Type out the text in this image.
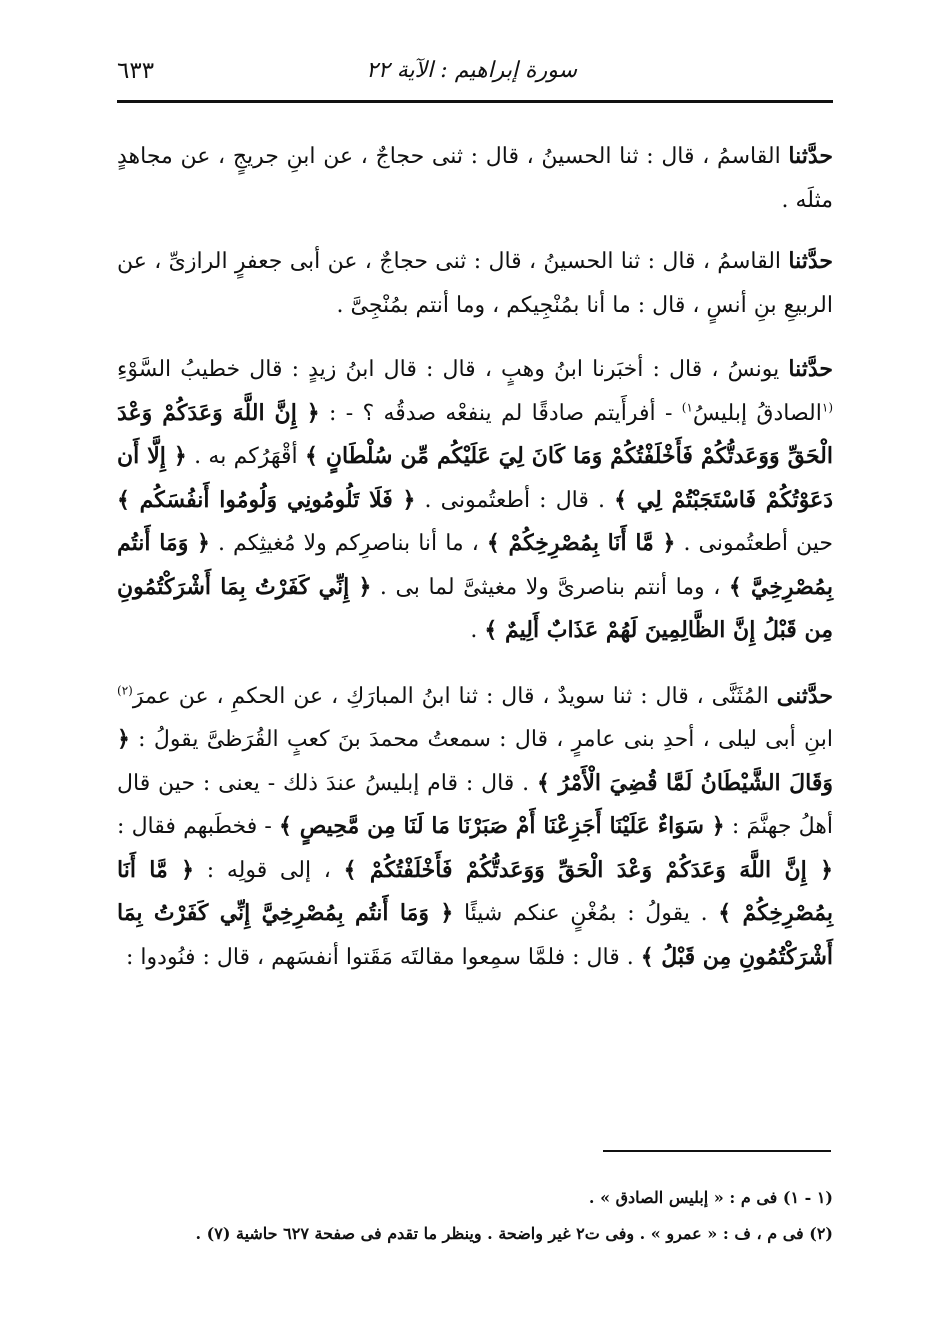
سورة إبراهيم : الآية ٢٢
٦٣٣

حدَّثنا القاسمُ ، قال : ثنا الحسينُ ، قال : ثنى حجاجٌ ، عن ابنِ جريجٍ ، عن مجاهدٍ مثلَه .

حدَّثنا القاسمُ ، قال : ثنا الحسينُ ، قال : ثنى حجاجٌ ، عن أبى جعفرٍ الرازىِّ ، عن الربيعِ بنِ أنسٍ ، قال : ما أنا بمُنْجِيكم ، وما أنتم بمُنْجِىَّ .

حدَّثنا يونسُ ، قال : أخبَرنا ابنُ وهبٍ ، قال : قال ابنُ زيدٍ : قال خطيبُ السَّوْءِ $^{(١}$الصادقُ إبليسُ$^{١)}$ - أفرأَيتم صادقًا لم ينفعْه صدقُه ؟ - : ﴿ إِنَّ اللَّهَ وَعَدَكُمْ وَعْدَ الْحَقِّ وَوَعَدتُّكُمْ فَأَخْلَفْتُكُمْ وَمَا كَانَ لِيَ عَلَيْكُم مِّن سُلْطَانٍ ﴾ أقْهَرُكم به . ﴿ إِلَّا أَن دَعَوْتُكُمْ فَاسْتَجَبْتُمْ لِي ﴾ . قال : أطعتُمونى . ﴿ فَلَا تَلُومُونِي وَلُومُوا أَنفُسَكُم ﴾ حين أطعتُمونى . ﴿ مَّا أَنَا بِمُصْرِخِكُمْ ﴾ ، ما أنا بناصرِكم ولا مُغيثِكم . ﴿ وَمَا أَنتُم بِمُصْرِخِيَّ ﴾ ، وما أنتم بناصرىَّ ولا مغيثىَّ لما بى . ﴿ إِنِّي كَفَرْتُ بِمَا أَشْرَكْتُمُونِ مِن قَبْلُ إِنَّ الظَّالِمِينَ لَهُمْ عَذَابٌ أَلِيمٌ ﴾ .

حدَّثنى المُثَنَّى ، قال : ثنا سويدٌ ، قال : ثنا ابنُ المبارَكِ ، عن الحكمِ ، عن عمرَ$^{(٢)}$ ابنِ أبى ليلى ، أحدِ بنى عامرٍ ، قال : سمعتُ محمدَ بنَ كعبٍ القُرَظىَّ يقولُ : ﴿ وَقَالَ الشَّيْطَانُ لَمَّا قُضِيَ الْأَمْرُ ﴾ . قال : قام إبليسُ عندَ ذلك - يعنى : حين قال أهلُ جهنَّمَ : ﴿ سَوَاءٌ عَلَيْنَا أَجَزِعْنَا أَمْ صَبَرْنَا مَا لَنَا مِن مَّحِيصٍ ﴾ - فخطَبهم فقال : ﴿ إِنَّ اللَّهَ وَعَدَكُمْ وَعْدَ الْحَقِّ وَوَعَدتُّكُمْ فَأَخْلَفْتُكُمْ ﴾ ، إلى قولِه : ﴿ مَّا أَنَا بِمُصْرِخِكُمْ ﴾ . يقولُ : بمُغْنٍ عنكم شيئًا ﴿ وَمَا أَنتُم بِمُصْرِخِيَّ إِنِّي كَفَرْتُ بِمَا أَشْرَكْتُمُونِ مِن قَبْلُ ﴾ . قال : فلمَّا سمِعوا مقالتَه مَقَتوا أنفسَهم ، قال : فنُودوا :

(١ - ١) فى م : « إبليس الصادق » .

(٢) فى م ، ف : « عمرو » . وفى ت٢ غير واضحة . وينظر ما تقدم فى صفحة ٦٢٧ حاشية (٧) .
